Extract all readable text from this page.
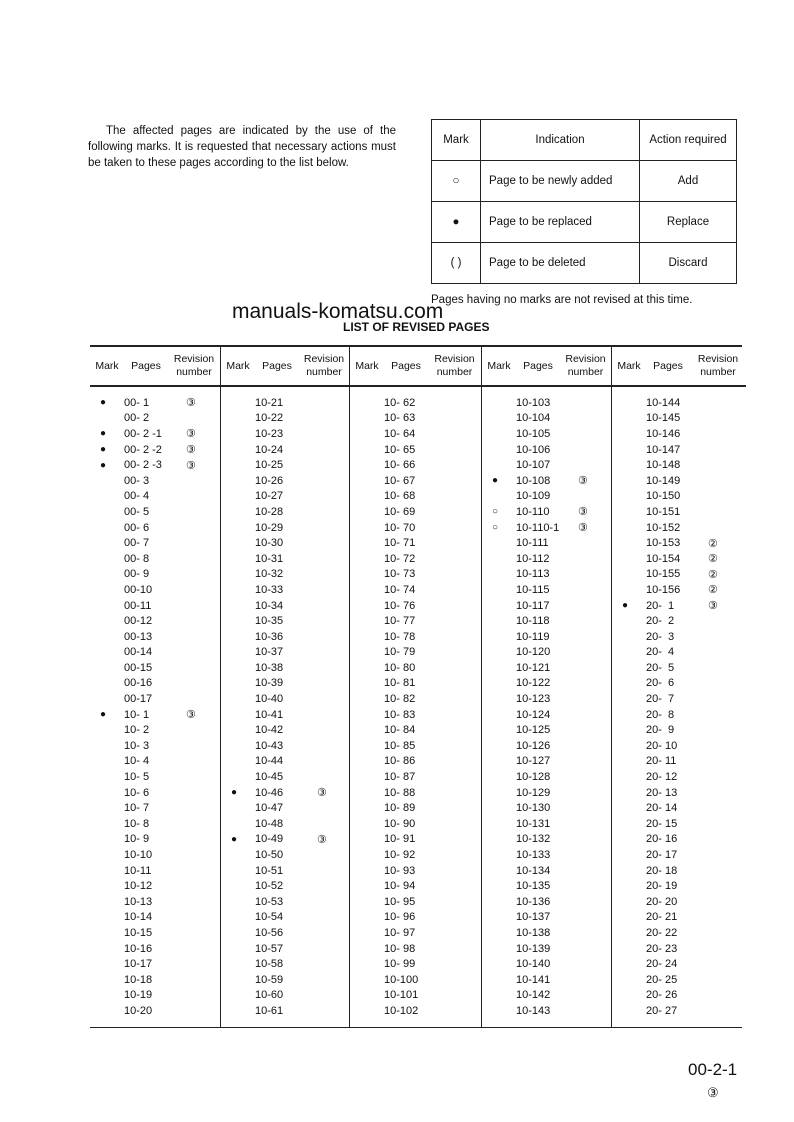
The affected pages are indicated by the use of the following marks. It is requested that necessary actions must be taken to these pages according to the list below.

Mark	Indication	Action required
○	Page to be newly added	Add
●	Page to be replaced	Replace
( )	Page to be deleted	Discard
Pages having no marks are not revised at this time.
manuals-komatsu.com
LIST OF REVISED PAGES
Mark	Pages
Revision number
●	00- 1	③
00- 2
●	00- 2 -1	③
●	00- 2 -2	③
●	00- 2 -3	③
00- 3
00- 4
00- 5
00- 6
00- 7
00- 8
00- 9
00-10
00-11
00-12
00-13
00-14
00-15
00-16
00-17
●	10- 1	③
10- 2
10- 3
10- 4
10- 5
10- 6
10- 7
10- 8
10- 9
10-10
10-11
10-12
10-13
10-14
10-15
10-16
10-17
10-18
10-19
10-20
Mark	Pages
Revision number
10-21
10-22
10-23
10-24
10-25
10-26
10-27
10-28
10-29
10-30
10-31
10-32
10-33
10-34
10-35
10-36
10-37
10-38
10-39
10-40
10-41
10-42
10-43
10-44
10-45
●	10-46	③
10-47
10-48
●	10-49	③
10-50
10-51
10-52
10-53
10-54
10-56
10-57
10-58
10-59
10-60
10-61
Mark	Pages
Revision number
10- 62
10- 63
10- 64
10- 65
10- 66
10- 67
10- 68
10- 69
10- 70
10- 71
10- 72
10- 73
10- 74
10- 76
10- 77
10- 78
10- 79
10- 80
10- 81
10- 82
10- 83
10- 84
10- 85
10- 86
10- 87
10- 88
10- 89
10- 90
10- 91
10- 92
10- 93
10- 94
10- 95
10- 96
10- 97
10- 98
10- 99
10-100
10-101
10-102
Mark	Pages
Revision number
10-103
10-104
10-105
10-106
10-107
●	10-108	③
10-109
○	10-110	③
○	10-110-1	③
10-111
10-112
10-113
10-115
10-117
10-118
10-119
10-120
10-121
10-122
10-123
10-124
10-125
10-126
10-127
10-128
10-129
10-130
10-131
10-132
10-133
10-134
10-135
10-136
10-137
10-138
10-139
10-140
10-141
10-142
10-143
Mark	Pages
Revision number
10-144
10-145
10-146
10-147
10-148
10-149
10-150
10-151
10-152
10-153	②
10-154	②
10-155	②
10-156	②
●	20-  1	③
20-  2
20-  3
20-  4
20-  5
20-  6
20-  7
20-  8
20-  9
20- 10
20- 11
20- 12
20- 13
20- 14
20- 15
20- 16
20- 17
20- 18
20- 19
20- 20
20- 21
20- 22
20- 23
20- 24
20- 25
20- 26
20- 27
00-2-1
③
